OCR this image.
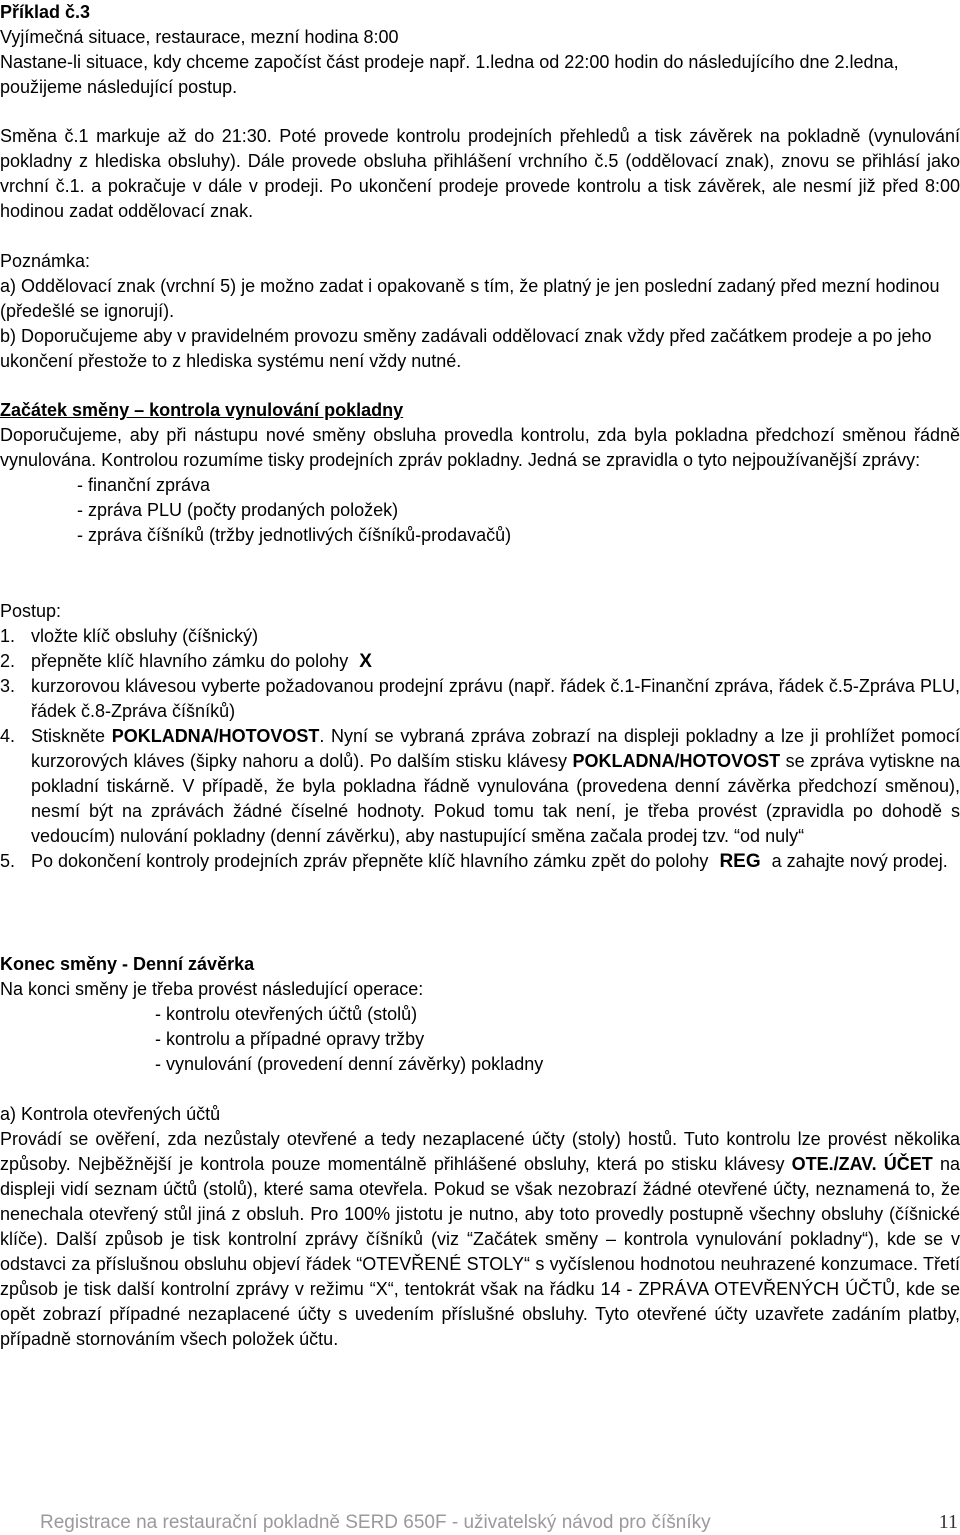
Příklad č.3

Vyjímečná situace, restaurace, mezní hodina 8:00

Nastane-li situace, kdy chceme započíst část prodeje např. 1.ledna od 22:00 hodin do následujícího dne 2.ledna, použijeme následující postup.

Směna č.1 markuje až do 21:30. Poté provede kontrolu prodejních přehledů a tisk závěrek na pokladně (vynulování pokladny z hlediska obsluhy). Dále provede obsluha přihlášení vrchního č.5 (oddělovací znak), znovu se přihlásí jako vrchní č.1. a pokračuje v dále v prodeji. Po ukončení prodeje provede kontrolu a tisk závěrek, ale nesmí již před 8:00 hodinou zadat oddělovací znak.

Poznámka:

a) Oddělovací znak (vrchní 5) je možno zadat i opakovaně s tím, že platný je jen poslední zadaný před mezní hodinou (předešlé se ignorují).

b) Doporučujeme aby v pravidelném provozu směny zadávali oddělovací znak vždy před začátkem prodeje a po jeho ukončení přestože to z hlediska systému není vždy nutné.

Začátek směny – kontrola vynulování pokladny

Doporučujeme, aby při nástupu nové směny obsluha provedla kontrolu, zda byla pokladna předchozí směnou řádně vynulována. Kontrolou rozumíme tisky prodejních zpráv pokladny. Jedná se zpravidla o tyto nejpoužívanější zprávy:

- finanční zpráva

- zpráva PLU (počty prodaných položek)

- zpráva číšníků (tržby jednotlivých číšníků-prodavačů)

Postup:

1. vložte klíč obsluhy (číšnický)
2. přepněte klíč hlavního zámku do polohy X
3. kurzorovou klávesou vyberte požadovanou prodejní zprávu (např. řádek č.1-Finanční zpráva, řádek č.5-Zpráva PLU, řádek č.8-Zpráva číšníků)
4. Stiskněte POKLADNA/HOTOVOST. Nyní se vybraná zpráva zobrazí na displeji pokladny a lze ji prohlížet pomocí kurzorových kláves (šipky nahoru a dolů). Po dalším stisku klávesy POKLADNA/HOTOVOST se zpráva vytiskne na pokladní tiskárně. V případě, že byla pokladna řádně vynulována (provedena denní závěrka předchozí směnou), nesmí být na zprávách žádné číselné hodnoty. Pokud tomu tak není, je třeba provést (zpravidla po dohodě s vedoucím) nulování pokladny (denní závěrku), aby nastupující směna začala prodej tzv. “od nuly“
5. Po dokončení kontroly prodejních zpráv přepněte klíč hlavního zámku zpět do polohy REG a zahajte nový prodej.

Konec směny - Denní závěrka

Na konci směny je třeba provést následující operace:

- kontrolu otevřených účtů (stolů)

- kontrolu a případné opravy tržby

- vynulování (provedení denní závěrky) pokladny

a) Kontrola otevřených účtů

Provádí se ověření, zda nezůstaly otevřené a tedy nezaplacené účty (stoly) hostů. Tuto kontrolu lze provést několika způsoby. Nejběžnější je kontrola pouze momentálně přihlášené obsluhy, která po stisku klávesy OTE./ZAV. ÚČET na displeji vidí seznam účtů (stolů), které sama otevřela. Pokud se však nezobrazí žádné otevřené účty, neznamená to, že nenechala otevřený stůl jiná z obsluh. Pro 100% jistotu je nutno, aby toto provedly postupně všechny obsluhy (číšnické klíče). Další způsob je tisk kontrolní zprávy číšníků (viz “Začátek směny – kontrola vynulování pokladny“), kde se v odstavci za příslušnou obsluhu objeví řádek “OTEVŘENÉ STOLY“ s vyčíslenou hodnotou neuhrazené konzumace. Třetí způsob je tisk další kontrolní zprávy v režimu “X“, tentokrát však na řádku 14 - ZPRÁVA OTEVŘENÝCH ÚČTŮ, kde se opět zobrazí případné nezaplacené účty s uvedením příslušné obsluhy. Tyto otevřené účty uzavřete zadáním platby, případně stornováním všech položek účtu.

Registrace na restaurační pokladně SERD 650F - uživatelský návod pro číšníky	11
